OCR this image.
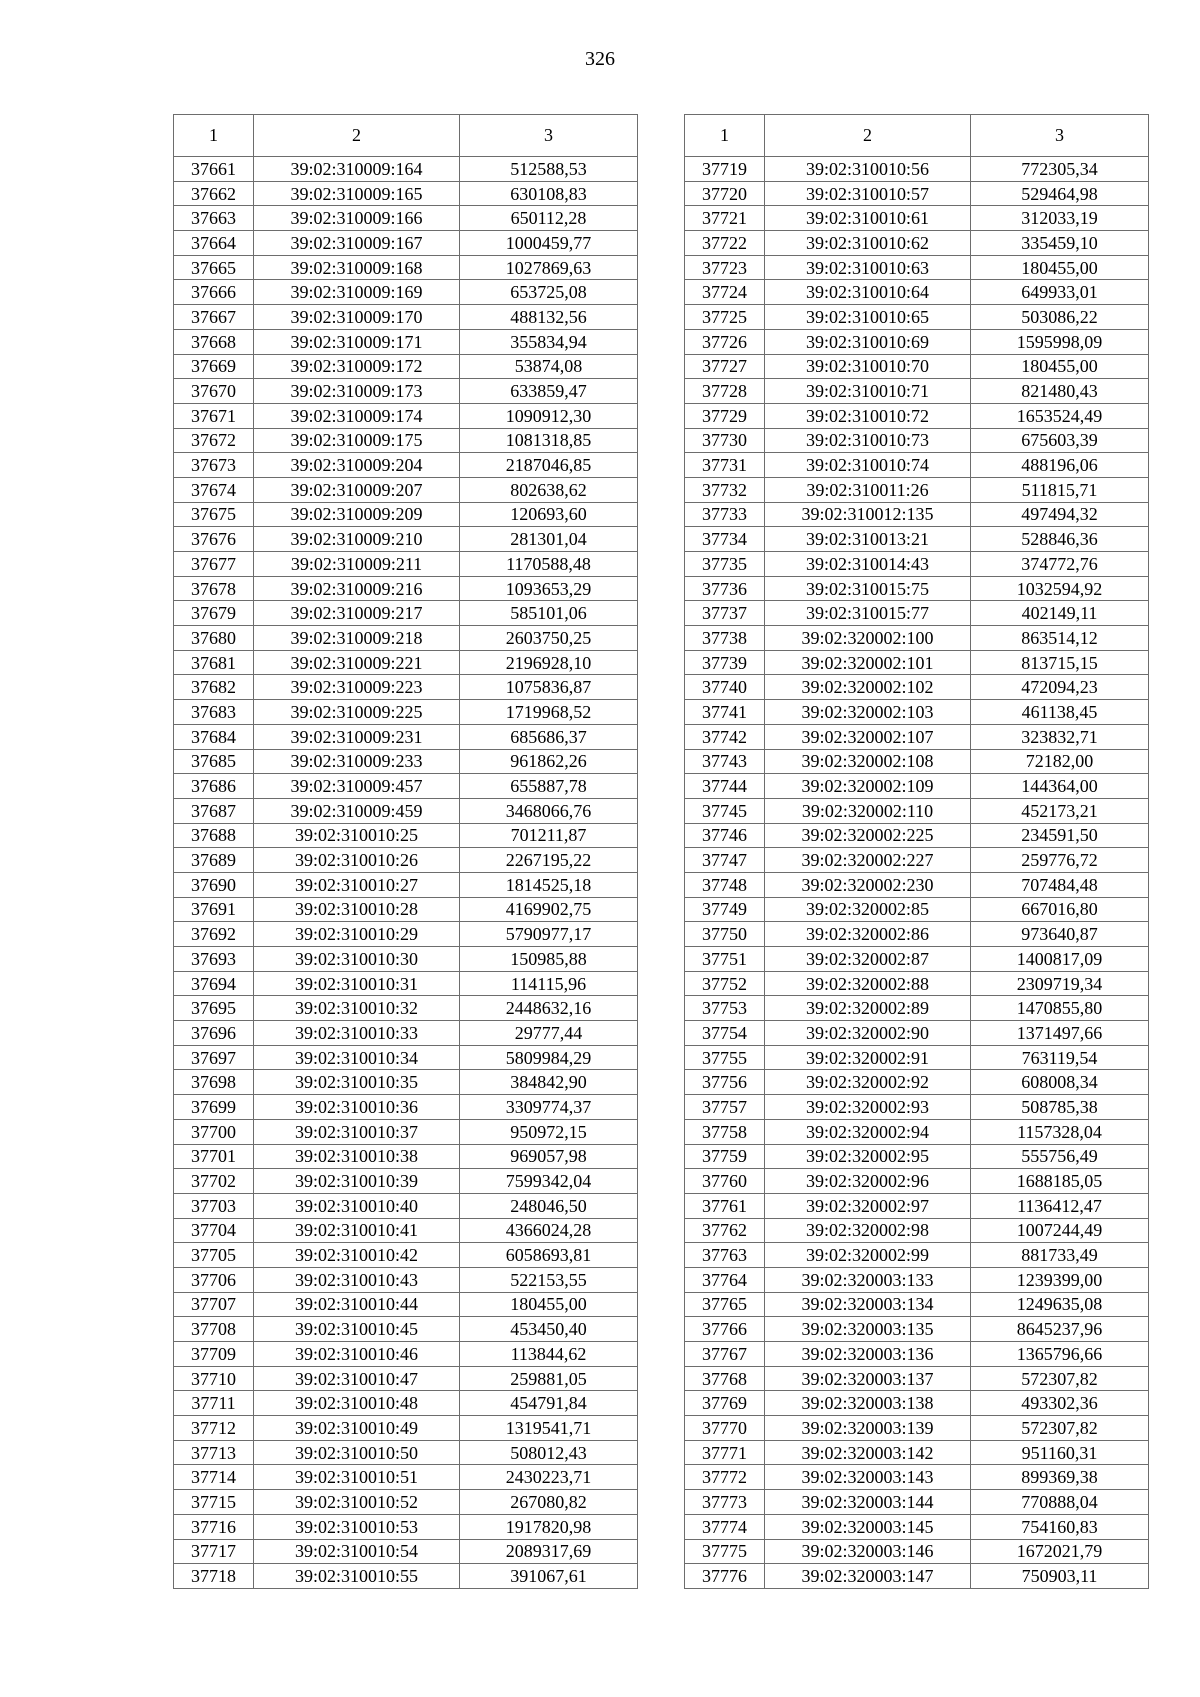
326
1	2	3
37661	39:02:310009:164	512588,53
37662	39:02:310009:165	630108,83
37663	39:02:310009:166	650112,28
37664	39:02:310009:167	1000459,77
37665	39:02:310009:168	1027869,63
37666	39:02:310009:169	653725,08
37667	39:02:310009:170	488132,56
37668	39:02:310009:171	355834,94
37669	39:02:310009:172	53874,08
37670	39:02:310009:173	633859,47
37671	39:02:310009:174	1090912,30
37672	39:02:310009:175	1081318,85
37673	39:02:310009:204	2187046,85
37674	39:02:310009:207	802638,62
37675	39:02:310009:209	120693,60
37676	39:02:310009:210	281301,04
37677	39:02:310009:211	1170588,48
37678	39:02:310009:216	1093653,29
37679	39:02:310009:217	585101,06
37680	39:02:310009:218	2603750,25
37681	39:02:310009:221	2196928,10
37682	39:02:310009:223	1075836,87
37683	39:02:310009:225	1719968,52
37684	39:02:310009:231	685686,37
37685	39:02:310009:233	961862,26
37686	39:02:310009:457	655887,78
37687	39:02:310009:459	3468066,76
37688	39:02:310010:25	701211,87
37689	39:02:310010:26	2267195,22
37690	39:02:310010:27	1814525,18
37691	39:02:310010:28	4169902,75
37692	39:02:310010:29	5790977,17
37693	39:02:310010:30	150985,88
37694	39:02:310010:31	114115,96
37695	39:02:310010:32	2448632,16
37696	39:02:310010:33	29777,44
37697	39:02:310010:34	5809984,29
37698	39:02:310010:35	384842,90
37699	39:02:310010:36	3309774,37
37700	39:02:310010:37	950972,15
37701	39:02:310010:38	969057,98
37702	39:02:310010:39	7599342,04
37703	39:02:310010:40	248046,50
37704	39:02:310010:41	4366024,28
37705	39:02:310010:42	6058693,81
37706	39:02:310010:43	522153,55
37707	39:02:310010:44	180455,00
37708	39:02:310010:45	453450,40
37709	39:02:310010:46	113844,62
37710	39:02:310010:47	259881,05
37711	39:02:310010:48	454791,84
37712	39:02:310010:49	1319541,71
37713	39:02:310010:50	508012,43
37714	39:02:310010:51	2430223,71
37715	39:02:310010:52	267080,82
37716	39:02:310010:53	1917820,98
37717	39:02:310010:54	2089317,69
37718	39:02:310010:55	391067,61
1	2	3
37719	39:02:310010:56	772305,34
37720	39:02:310010:57	529464,98
37721	39:02:310010:61	312033,19
37722	39:02:310010:62	335459,10
37723	39:02:310010:63	180455,00
37724	39:02:310010:64	649933,01
37725	39:02:310010:65	503086,22
37726	39:02:310010:69	1595998,09
37727	39:02:310010:70	180455,00
37728	39:02:310010:71	821480,43
37729	39:02:310010:72	1653524,49
37730	39:02:310010:73	675603,39
37731	39:02:310010:74	488196,06
37732	39:02:310011:26	511815,71
37733	39:02:310012:135	497494,32
37734	39:02:310013:21	528846,36
37735	39:02:310014:43	374772,76
37736	39:02:310015:75	1032594,92
37737	39:02:310015:77	402149,11
37738	39:02:320002:100	863514,12
37739	39:02:320002:101	813715,15
37740	39:02:320002:102	472094,23
37741	39:02:320002:103	461138,45
37742	39:02:320002:107	323832,71
37743	39:02:320002:108	72182,00
37744	39:02:320002:109	144364,00
37745	39:02:320002:110	452173,21
37746	39:02:320002:225	234591,50
37747	39:02:320002:227	259776,72
37748	39:02:320002:230	707484,48
37749	39:02:320002:85	667016,80
37750	39:02:320002:86	973640,87
37751	39:02:320002:87	1400817,09
37752	39:02:320002:88	2309719,34
37753	39:02:320002:89	1470855,80
37754	39:02:320002:90	1371497,66
37755	39:02:320002:91	763119,54
37756	39:02:320002:92	608008,34
37757	39:02:320002:93	508785,38
37758	39:02:320002:94	1157328,04
37759	39:02:320002:95	555756,49
37760	39:02:320002:96	1688185,05
37761	39:02:320002:97	1136412,47
37762	39:02:320002:98	1007244,49
37763	39:02:320002:99	881733,49
37764	39:02:320003:133	1239399,00
37765	39:02:320003:134	1249635,08
37766	39:02:320003:135	8645237,96
37767	39:02:320003:136	1365796,66
37768	39:02:320003:137	572307,82
37769	39:02:320003:138	493302,36
37770	39:02:320003:139	572307,82
37771	39:02:320003:142	951160,31
37772	39:02:320003:143	899369,38
37773	39:02:320003:144	770888,04
37774	39:02:320003:145	754160,83
37775	39:02:320003:146	1672021,79
37776	39:02:320003:147	750903,11
